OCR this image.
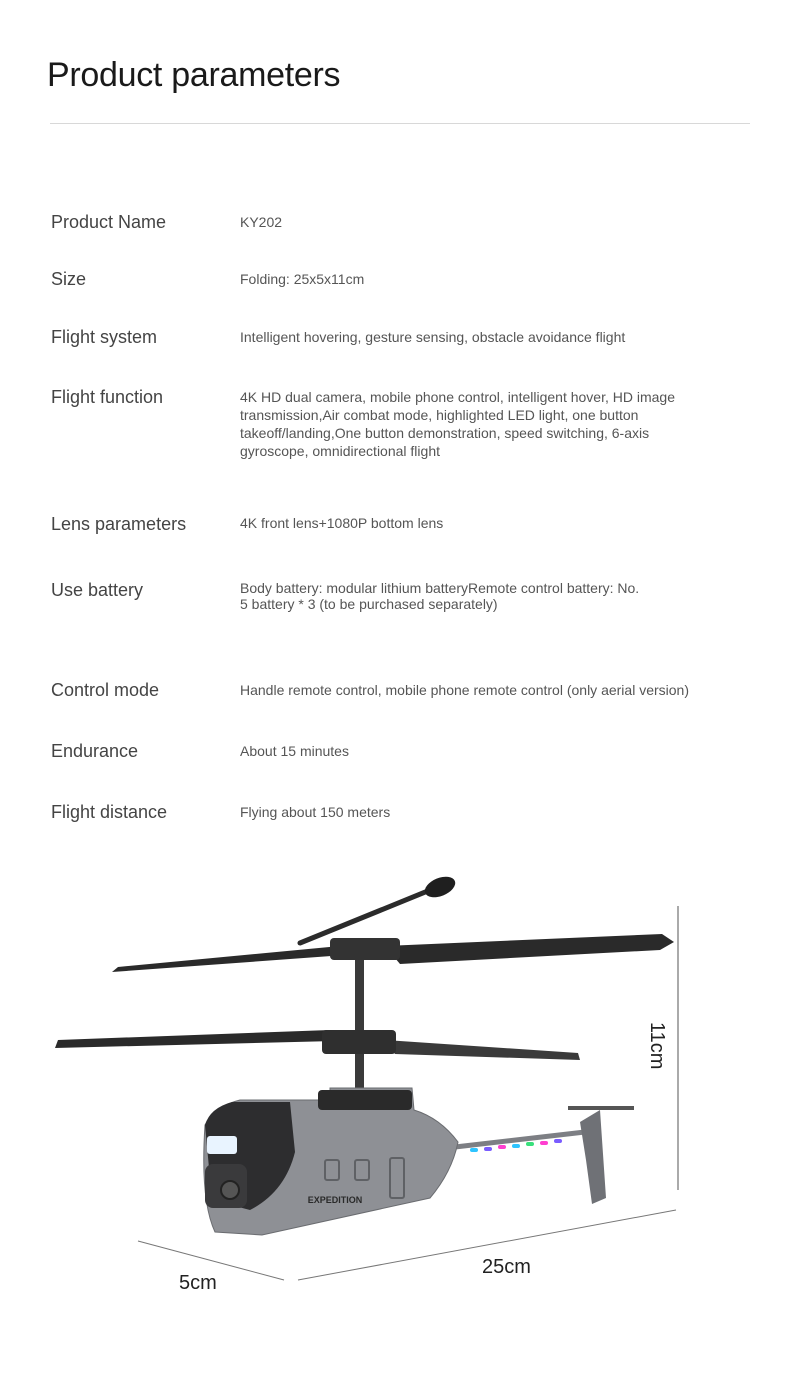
Product parameters
Product Name	KY202
Size	Folding: 25x5x11cm
Flight system	Intelligent hovering, gesture sensing, obstacle avoidance flight
Flight function	4K HD dual camera, mobile phone control, intelligent hover, HD image
transmission,Air combat mode, highlighted LED light, one button
takeoff/landing,One button demonstration, speed switching, 6-axis
gyroscope, omnidirectional flight
Lens parameters	4K front lens+1080P bottom lens
Use battery	Body battery: modular lithium batteryRemote control battery: No.
5 battery * 3 (to be purchased separately)
Control mode	Handle remote control, mobile phone remote control (only aerial version)
Endurance	About 15 minutes
Flight distance	Flying about 150 meters
EXPEDITION
11cm
25cm
5cm
